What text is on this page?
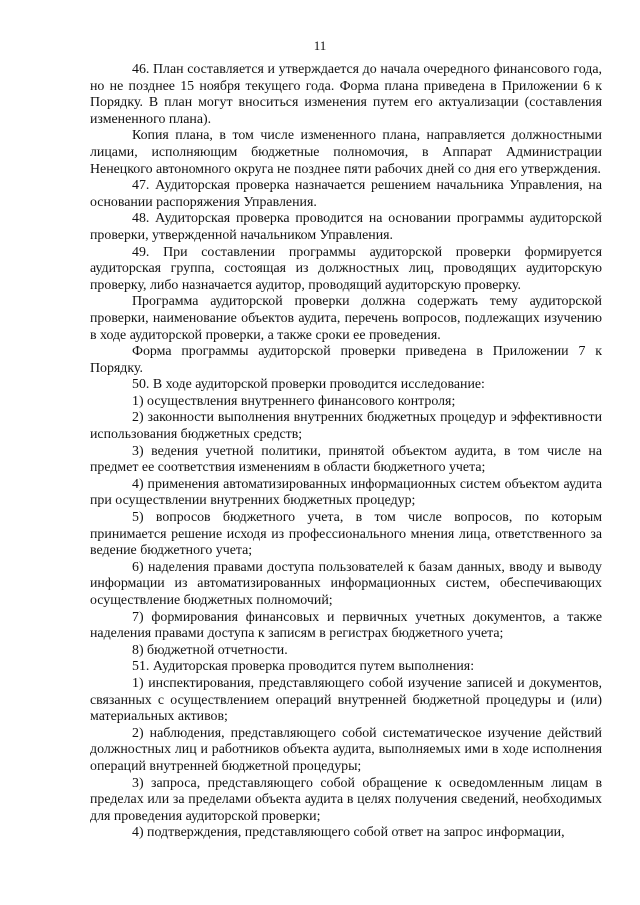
11

46. План составляется и утверждается до начала очередного финансового года, но не позднее 15 ноября текущего года. Форма плана приведена в Приложении 6 к Порядку. В план могут вноситься изменения путем его актуализации (составления измененного плана).

Копия плана, в том числе измененного плана, направляется должностными лицами, исполняющим бюджетные полномочия, в Аппарат Администрации Ненецкого автономного округа не позднее пяти рабочих дней со дня его утверждения.

47. Аудиторская проверка назначается решением начальника Управления, на основании распоряжения Управления.

48. Аудиторская проверка проводится на основании программы аудиторской проверки, утвержденной начальником Управления.

49. При составлении программы аудиторской проверки формируется аудиторская группа, состоящая из должностных лиц, проводящих аудиторскую проверку, либо назначается аудитор, проводящий аудиторскую проверку.

Программа аудиторской проверки должна содержать тему аудиторской проверки, наименование объектов аудита, перечень вопросов, подлежащих изучению в ходе аудиторской проверки, а также сроки ее проведения.

Форма программы аудиторской проверки приведена в Приложении 7 к Порядку.

50. В ходе аудиторской проверки проводится исследование:

1) осуществления внутреннего финансового контроля;

2) законности выполнения внутренних бюджетных процедур и эффективности использования бюджетных средств;

3) ведения учетной политики, принятой объектом аудита, в том числе на предмет ее соответствия изменениям в области бюджетного учета;

4) применения автоматизированных информационных систем объектом аудита при осуществлении внутренних бюджетных процедур;

5) вопросов бюджетного учета, в том числе вопросов, по которым принимается решение исходя из профессионального мнения лица, ответственного за ведение бюджетного учета;

6) наделения правами доступа пользователей к базам данных, вводу и выводу информации из автоматизированных информационных систем, обеспечивающих осуществление бюджетных полномочий;

7) формирования финансовых и первичных учетных документов, а также наделения правами доступа к записям в регистрах бюджетного учета;

8) бюджетной отчетности.

51. Аудиторская проверка проводится путем выполнения:

1) инспектирования, представляющего собой изучение записей и документов, связанных с осуществлением операций внутренней бюджетной процедуры и (или) материальных активов;

2) наблюдения, представляющего собой систематическое изучение действий должностных лиц и работников объекта аудита, выполняемых ими в ходе исполнения операций внутренней бюджетной процедуры;

3) запроса, представляющего собой обращение к осведомленным лицам в пределах или за пределами объекта аудита в целях получения сведений, необходимых для проведения аудиторской проверки;

4) подтверждения, представляющего собой ответ на запрос информации,
